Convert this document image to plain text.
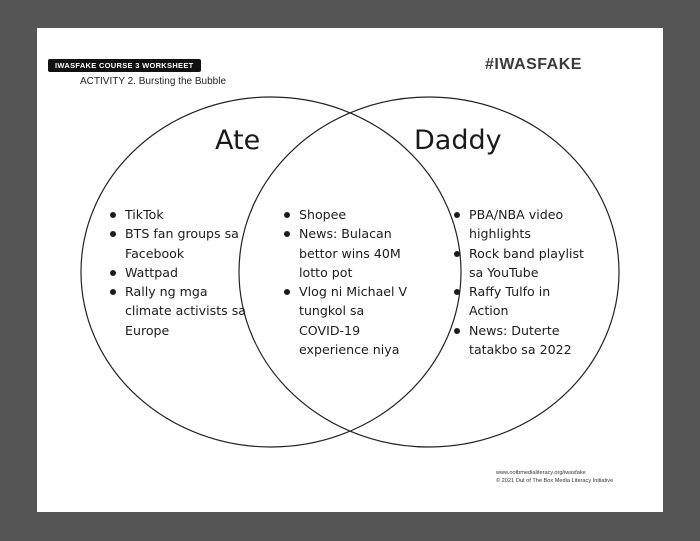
IWASFAKE COURSE 3 WORKSHEET
ACTIVITY 2. Bursting the Bubble
#IWASFAKE
Ate	Daddy
TikTok
BTS fan groups sa Facebook
Wattpad
Rally ng mga climate activists sa Europe
Shopee
News: Bulacan bettor wins 40M lotto pot
Vlog ni Michael V tungkol sa COVID-19 experience niya
PBA/NBA video highlights
Rock band playlist sa YouTube
Raffy Tulfo in Action
News: Duterte tatakbo sa 2022
www.ootbmedialiteracy.org/iwasfake
© 2021 Out of The Box Media Literacy Initiative
